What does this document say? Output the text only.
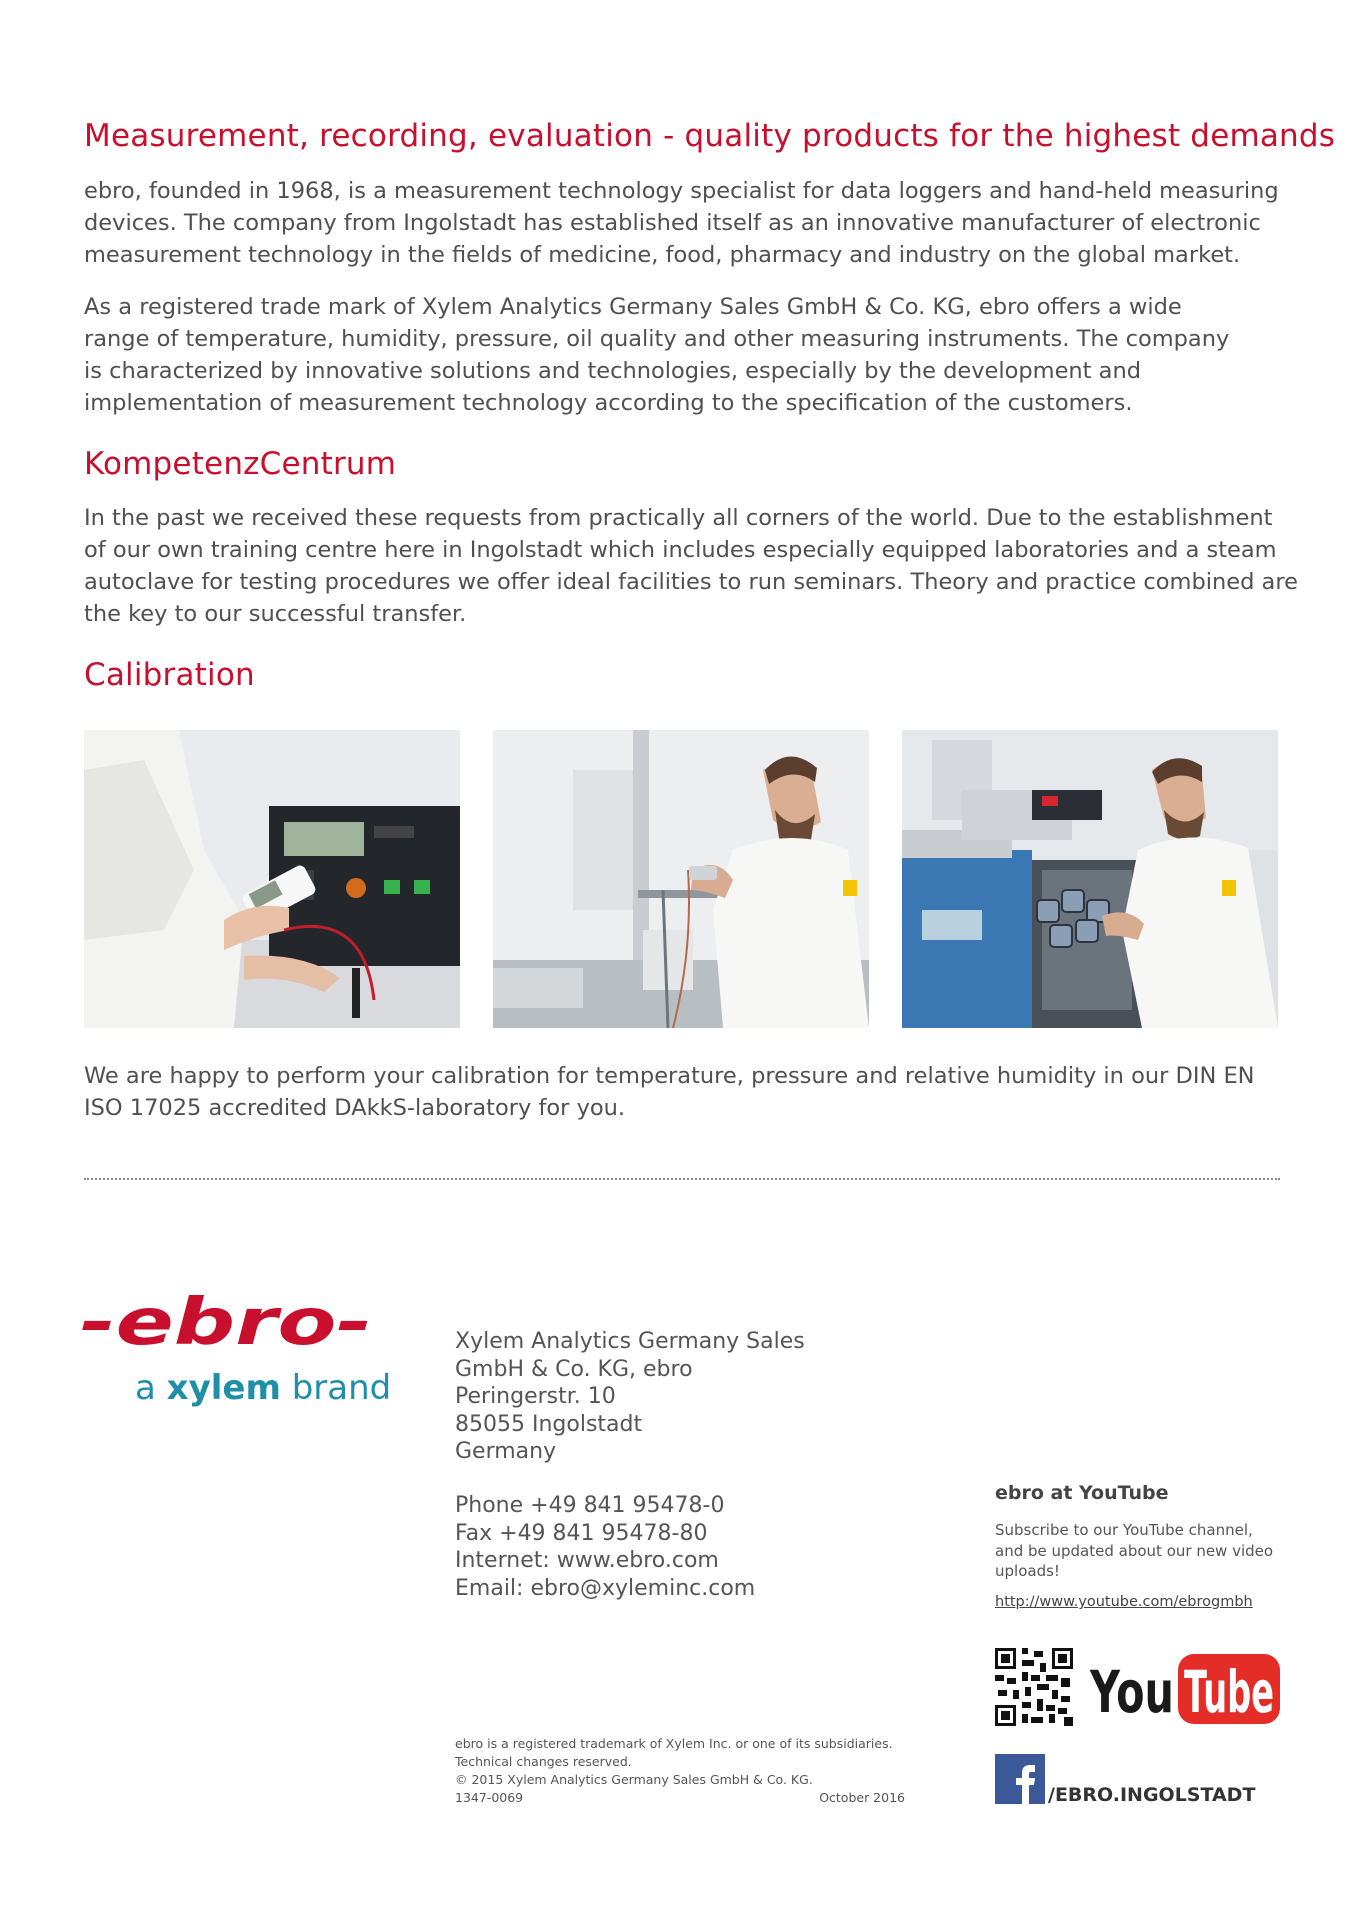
Measurement, recording, evaluation - quality products for the highest demands

ebro, founded in 1968, is a measurement technology specialist for data loggers and hand-held measuring
devices. The company from Ingolstadt has established itself as an innovative manufacturer of electronic
measurement technology in the fields of medicine, food, pharmacy and industry on the global market.

As a registered trade mark of Xylem Analytics Germany Sales GmbH & Co. KG, ebro offers a wide
range of temperature, humidity, pressure, oil quality and other measuring instruments. The company
is characterized by innovative solutions and technologies, especially by the development and
implementation of measurement technology according to the specification of the customers.

KompetenzCentrum

In the past we received these requests from practically all corners of the world. Due to the establishment
of our own training centre here in Ingolstadt which includes especially equipped laboratories and a steam
autoclave for testing procedures we offer ideal facilities to run seminars. Theory and practice combined are
the key to our successful transfer.

Calibration

We are happy to perform your calibration for temperature, pressure and relative humidity in our DIN EN
ISO 17025 accredited DAkkS-laboratory for you.

-ebro-
a xylem brand
Xylem Analytics Germany Sales
GmbH & Co. KG, ebro
Peringerstr. 10
85055 Ingolstadt
Germany
Phone +49 841 95478-0
Fax +49 841 95478-80
Internet: www.ebro.com
Email: ebro@xyleminc.com
ebro at YouTube
Subscribe to our YouTube channel,
and be updated about our new video
uploads!
http://www.youtube.com/ebrogmbh
You Tube
ebro is a registered trademark of Xylem Inc. or one of its subsidiaries.
Technical changes reserved.
© 2015 Xylem Analytics Germany Sales GmbH & Co. KG.
1347-0069	October 2016	/EBRO.INGOLSTADT
